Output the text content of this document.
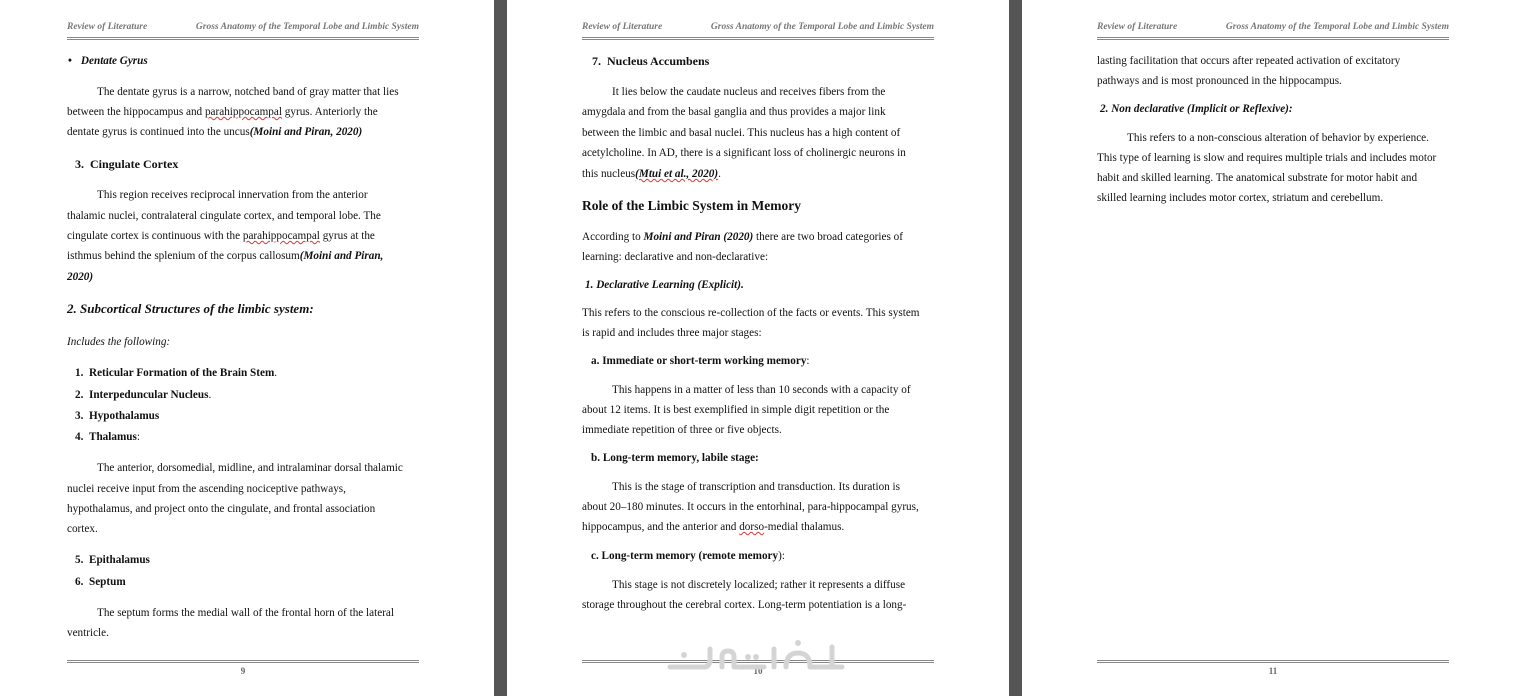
Review of Literature	Gross Anatomy of the Temporal Lobe and Limbic System
• Dentate Gyrus
The dentate gyrus is a narrow, notched band of gray matter that lies
between the hippocampus and parahippocampal gyrus. Anteriorly the
dentate gyrus is continued into the uncus(Moini and Piran, 2020)
3. Cingulate Cortex
This region receives reciprocal innervation from the anterior
thalamic nuclei, contralateral cingulate cortex, and temporal lobe. The
cingulate cortex is continuous with the parahippocampal gyrus at the
isthmus behind the splenium of the corpus callosum(Moini and Piran,
2020)
2. Subcortical Structures of the limbic system:
Includes the following:
1. Reticular Formation of the Brain Stem.
2. Interpeduncular Nucleus.
3. Hypothalamus
4. Thalamus:
The anterior, dorsomedial, midline, and intralaminar dorsal thalamic
nuclei receive input from the ascending nociceptive pathways,
hypothalamus, and project onto the cingulate, and frontal association
cortex.
5. Epithalamus
6. Septum
The septum forms the medial wall of the frontal horn of the lateral
ventricle.
9
Review of Literature	Gross Anatomy of the Temporal Lobe and Limbic System
7. Nucleus Accumbens
It lies below the caudate nucleus and receives fibers from the
amygdala and from the basal ganglia and thus provides a major link
between the limbic and basal nuclei. This nucleus has a high content of
acetylcholine. In AD, there is a significant loss of cholinergic neurons in
this nucleus(Mtui et al., 2020).
Role of the Limbic System in Memory
According to Moini and Piran (2020) there are two broad categories of
learning: declarative and non-declarative:
1. Declarative Learning (Explicit).
This refers to the conscious re-collection of the facts or events. This system
is rapid and includes three major stages:
a. Immediate or short-term working memory:
This happens in a matter of less than 10 seconds with a capacity of
about 12 items. It is best exemplified in simple digit repetition or the
immediate repetition of three or five objects.
b. Long-term memory, labile stage:
This is the stage of transcription and transduction. Its duration is
about 20–180 minutes. It occurs in the entorhinal, para-hippocampal gyrus,
hippocampus, and the anterior and dorso-medial thalamus.
c. Long-term memory (remote memory):
This stage is not discretely localized; rather it represents a diffuse
storage throughout the cerebral cortex. Long-term potentiation is a long-
10
Review of Literature	Gross Anatomy of the Temporal Lobe and Limbic System
lasting facilitation that occurs after repeated activation of excitatory
pathways and is most pronounced in the hippocampus.
2. Non declarative (Implicit or Reflexive):
This refers to a non-conscious alteration of behavior by experience.
This type of learning is slow and requires multiple trials and includes motor
habit and skilled learning. The anatomical substrate for motor habit and
skilled learning includes motor cortex, striatum and cerebellum.
11
